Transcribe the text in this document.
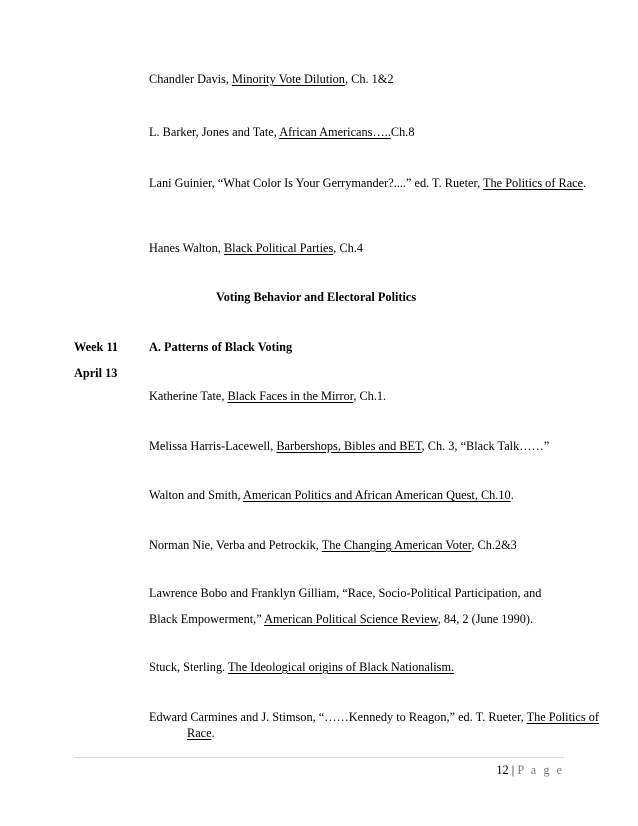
Chandler Davis, Minority Vote Dilution, Ch. 1&2

L. Barker, Jones and Tate, African Americans…..Ch.8

Lani Guinier, “What Color Is Your Gerrymander?....” ed. T. Rueter, The Politics of Race.

Hanes Walton, Black Political Parties, Ch.4

Voting Behavior and Electoral Politics

Week 11	A. Patterns of Black Voting

April 13

Katherine Tate, Black Faces in the Mirror, Ch.1.

Melissa Harris-Lacewell, Barbershops, Bibles and BET, Ch. 3, “Black Talk……”

Walton and Smith, American Politics and African American Quest, Ch.10.

Norman Nie, Verba and Petrockik, The Changing American Voter, Ch.2&3

Lawrence Bobo and Franklyn Gilliam, “Race, Socio-Political Participation, and Black Empowerment,” American Political Science Review, 84, 2 (June 1990).

Stuck, Sterling. The Ideological origins of Black Nationalism.

Edward Carmines and J. Stimson, “……Kennedy to Reagon,” ed. T. Rueter, The Politics of Race.

12 | P a g e
